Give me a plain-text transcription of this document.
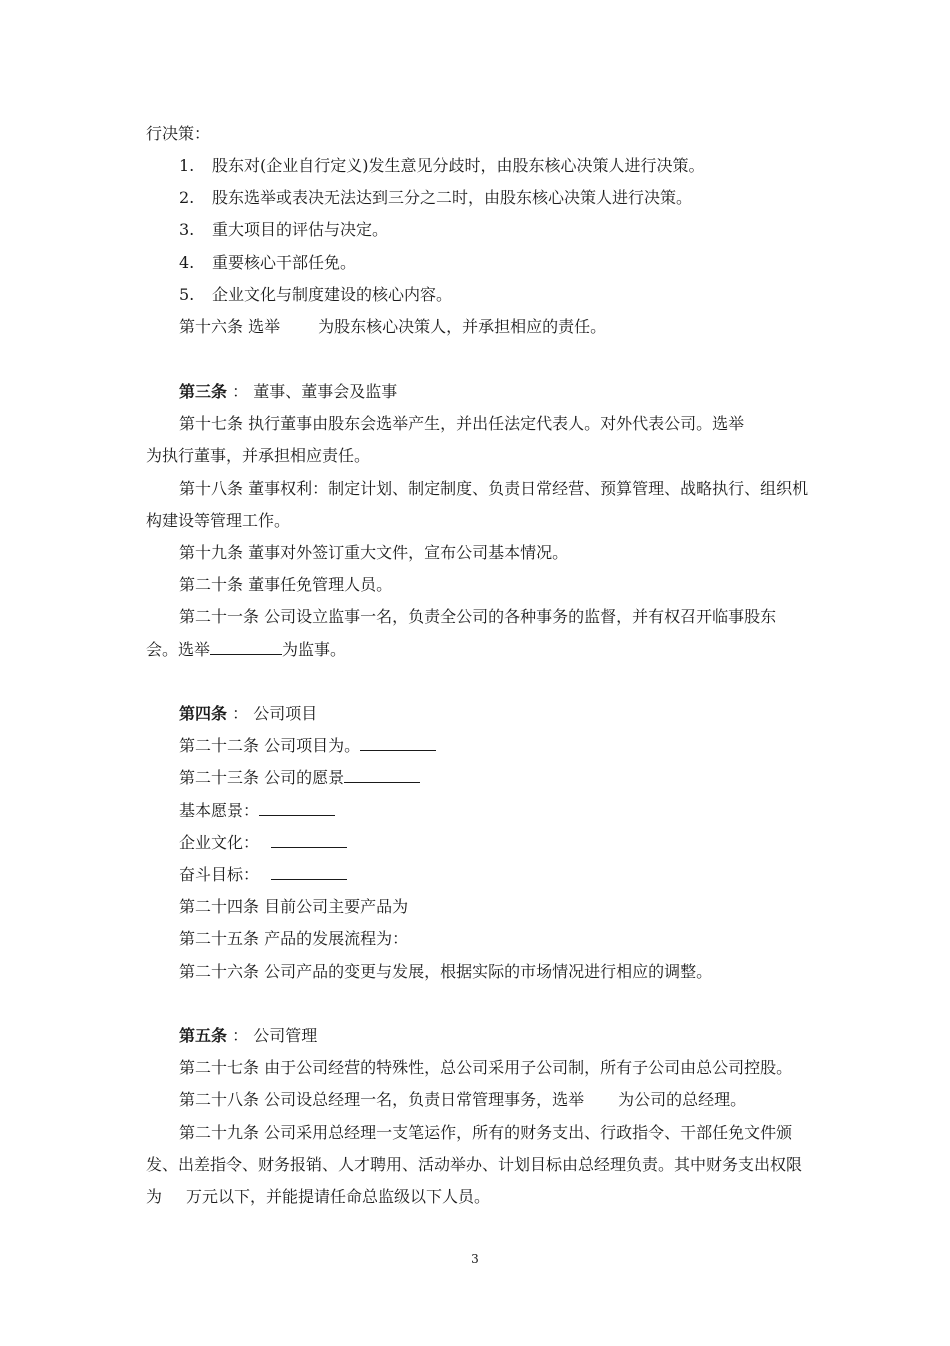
行决策：
1. 股东对(企业自行定义)发生意见分歧时，由股东核心决策人进行决策。
2. 股东选举或表决无法达到三分之二时，由股东核心决策人进行决策。
3. 重大项目的评估与决定。
4. 重要核心干部任免。
5. 企业文化与制度建设的核心内容。
第十六条 选举 为股东核心决策人，并承担相应的责任。
第三条 ： 董事、董事会及监事
第十七条 执行董事由股东会选举产生，并出任法定代表人。对外代表公司。选举
为执行董事，并承担相应责任。
第十八条 董事权利：制定计划、制定制度、负责日常经营、预算管理、战略执行、组织机
构建设等管理工作。
第十九条 董事对外签订重大文件，宣布公司基本情况。
第二十条 董事任免管理人员。
第二十一条 公司设立监事一名，负责全公司的各种事务的监督，并有权召开临事股东
会。选举	为监事。
第四条 ： 公司项目
第二十二条 公司项目为。
第二十三条 公司的愿景
基本愿景：
企业文化：
奋斗目标：
第二十四条 目前公司主要产品为
第二十五条 产品的发展流程为：
第二十六条 公司产品的变更与发展，根据实际的市场情况进行相应的调整。
第五条 ： 公司管理
第二十七条 由于公司经营的特殊性，总公司采用子公司制，所有子公司由总公司控股。
第二十八条 公司设总经理一名，负责日常管理事务，选举 为公司的总经理。
第二十九条 公司采用总经理一支笔运作，所有的财务支出、行政指令、干部任免文件颁
发、出差指令、财务报销、人才聘用、活动举办、计划目标由总经理负责。其中财务支出权限
为 万元以下，并能提请任命总监级以下人员。
3
